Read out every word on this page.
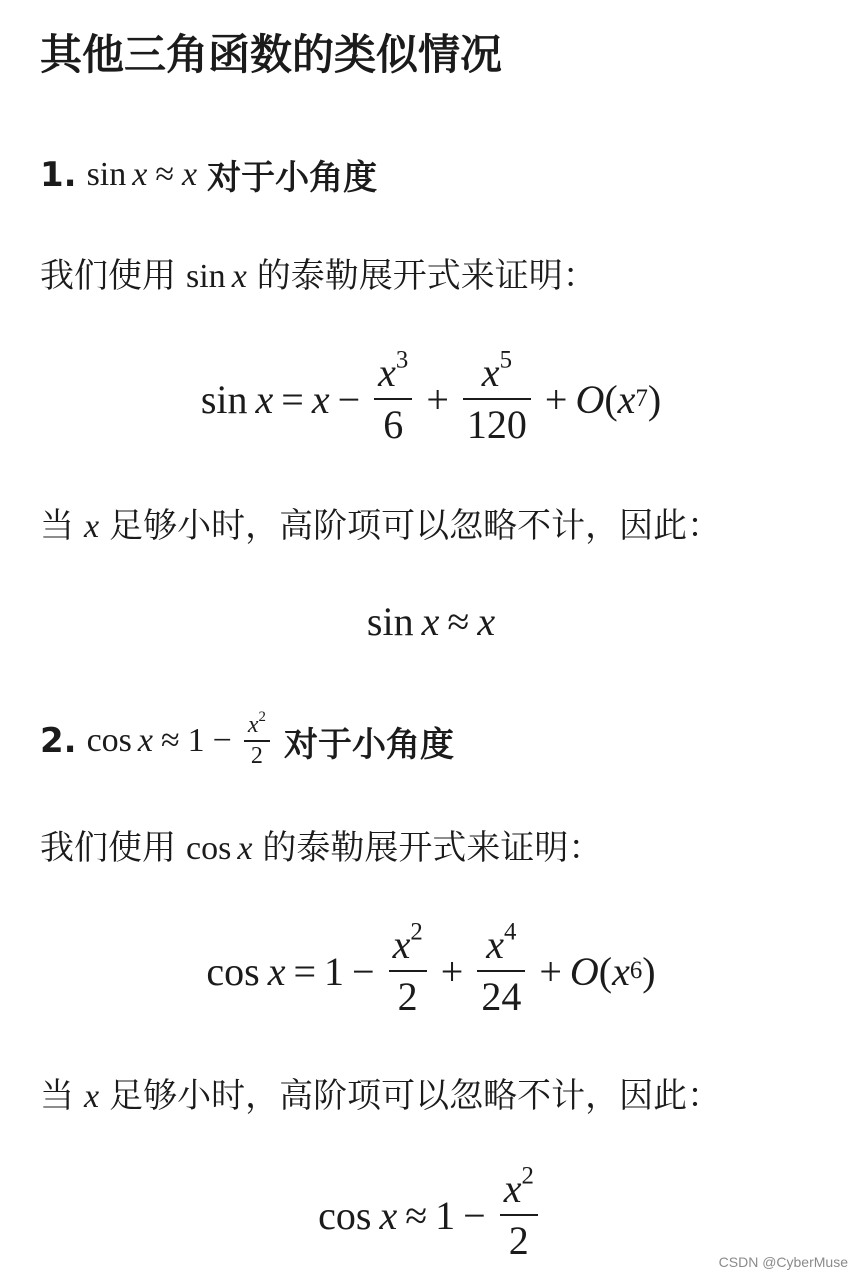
其他三角函数的类似情况
1. sin x ≈ x 对于小角度
我们使用 sin x 的泰勒展开式来证明：
$\sin x = x - \frac{x^3}{6} + \frac{x^5}{120} + O$ ( x 7 )
当 x 足够小时，高阶项可以忽略不计，因此：
sin x ≈ x
2. $\cos x \approx 1 - \frac{x^2}{2}$ 对于小角度
我们使用 cos x 的泰勒展开式来证明：
$\cos x = 1 - \frac{x^2}{2} + \frac{x^4}{24} + O$ ( x 6 )
当 x 足够小时，高阶项可以忽略不计，因此：
$\cos x \approx 1 - \frac{x^2}{2}$	CSDN @CyberMuse
